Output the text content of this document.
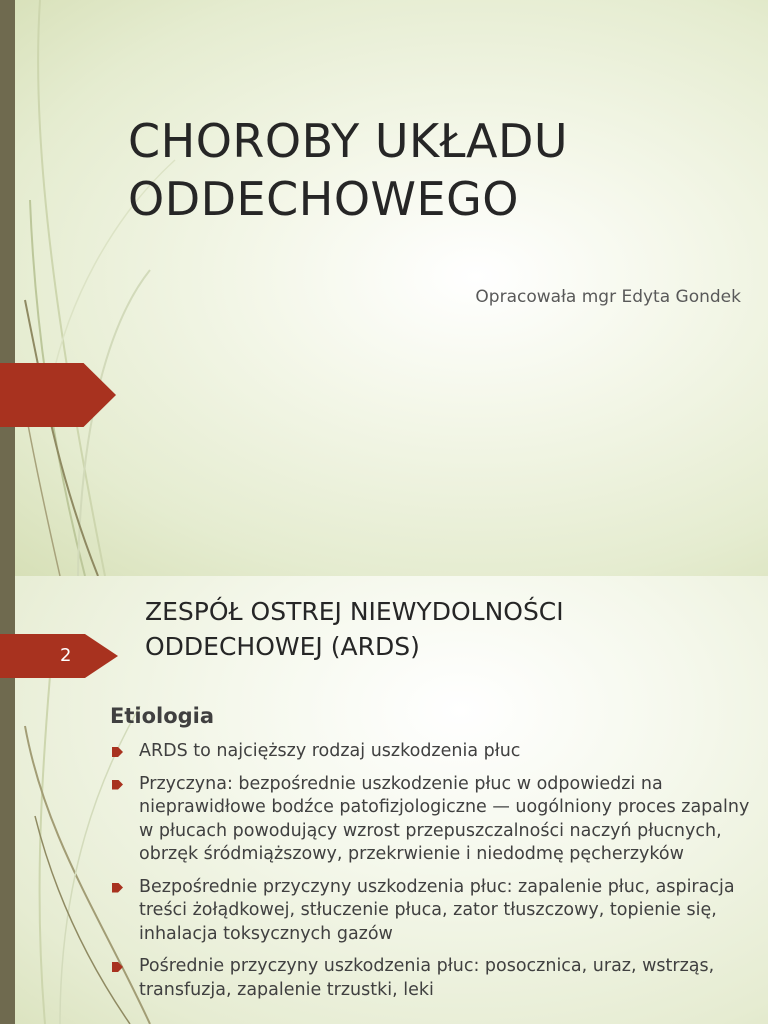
CHOROBY UKŁADU
ODDECHOWEGO
Opracowała mgr Edyta Gondek
2
ZESPÓŁ OSTREJ NIEWYDOLNOŚCI
ODDECHOWEJ (ARDS)
Etiologia
ARDS to najcięższy rodzaj uszkodzenia płuc
Przyczyna: bezpośrednie uszkodzenie płuc w odpowiedzi na nieprawidłowe bodźce patofizjologiczne — uogólniony proces zapalny w płucach powodujący wzrost przepuszczalności naczyń płucnych, obrzęk śródmiąższowy, przekrwienie i niedodmę pęcherzyków
Bezpośrednie przyczyny uszkodzenia płuc: zapalenie płuc, aspiracja treści żołądkowej, stłuczenie płuca, zator tłuszczowy, topienie się, inhalacja toksycznych gazów
Pośrednie przyczyny uszkodzenia płuc: posocznica, uraz, wstrząs, transfuzja, zapalenie trzustki, leki
